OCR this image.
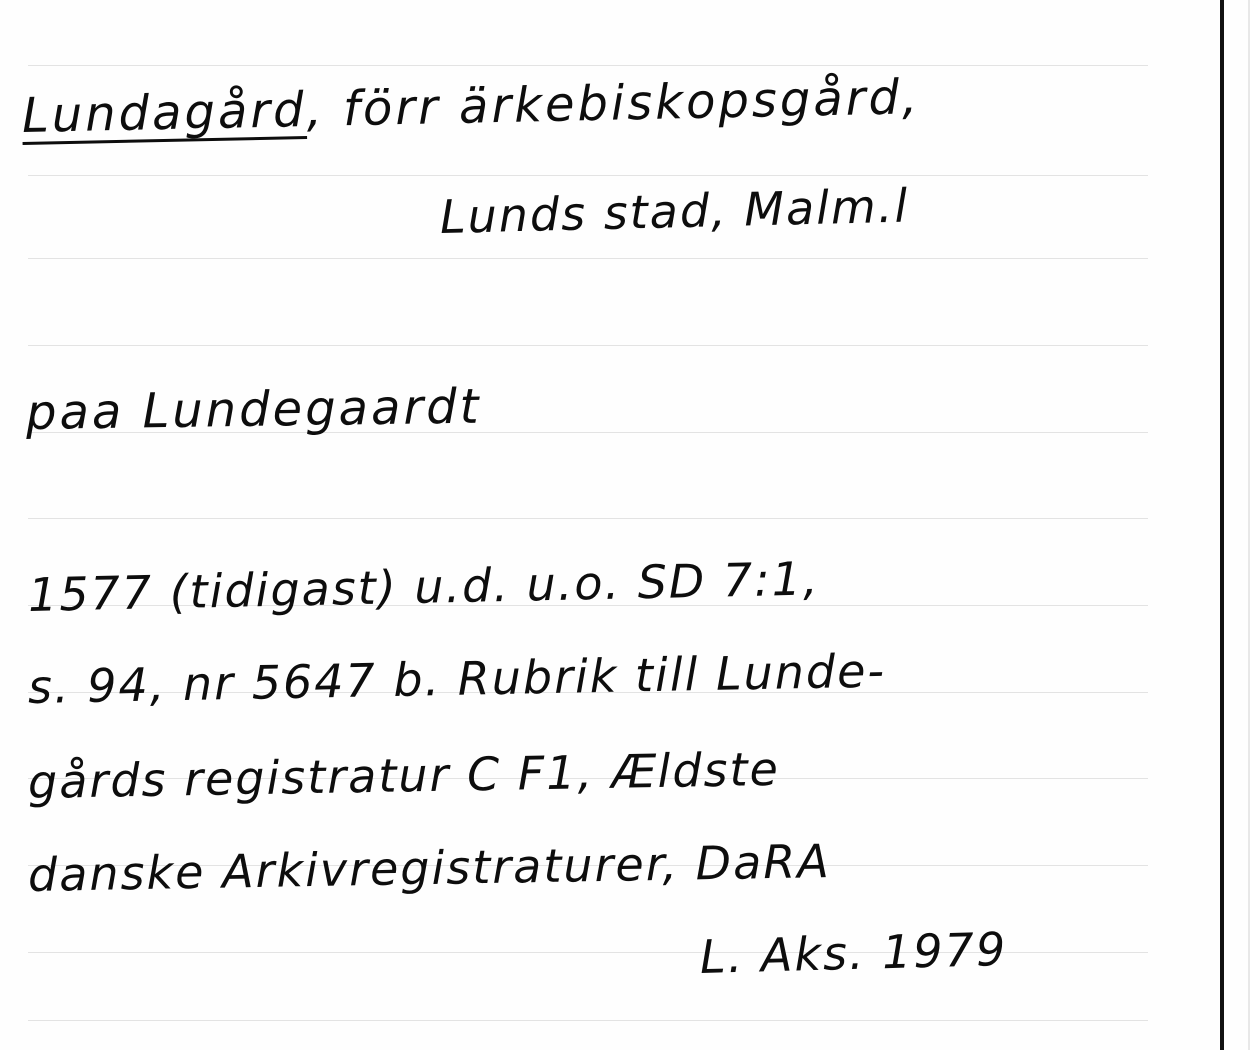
Lundagård, förr ärkebiskopsgård,
Lunds stad, Malm.l
paa Lundegaardt
1577 (tidigast) u.d. u.o. SD 7:1,
s. 94, nr 5647 b. Rubrik till Lunde-
gårds registratur C F1, Ældste
danske Arkivregistraturer, DaRA
L. Aks. 1979
